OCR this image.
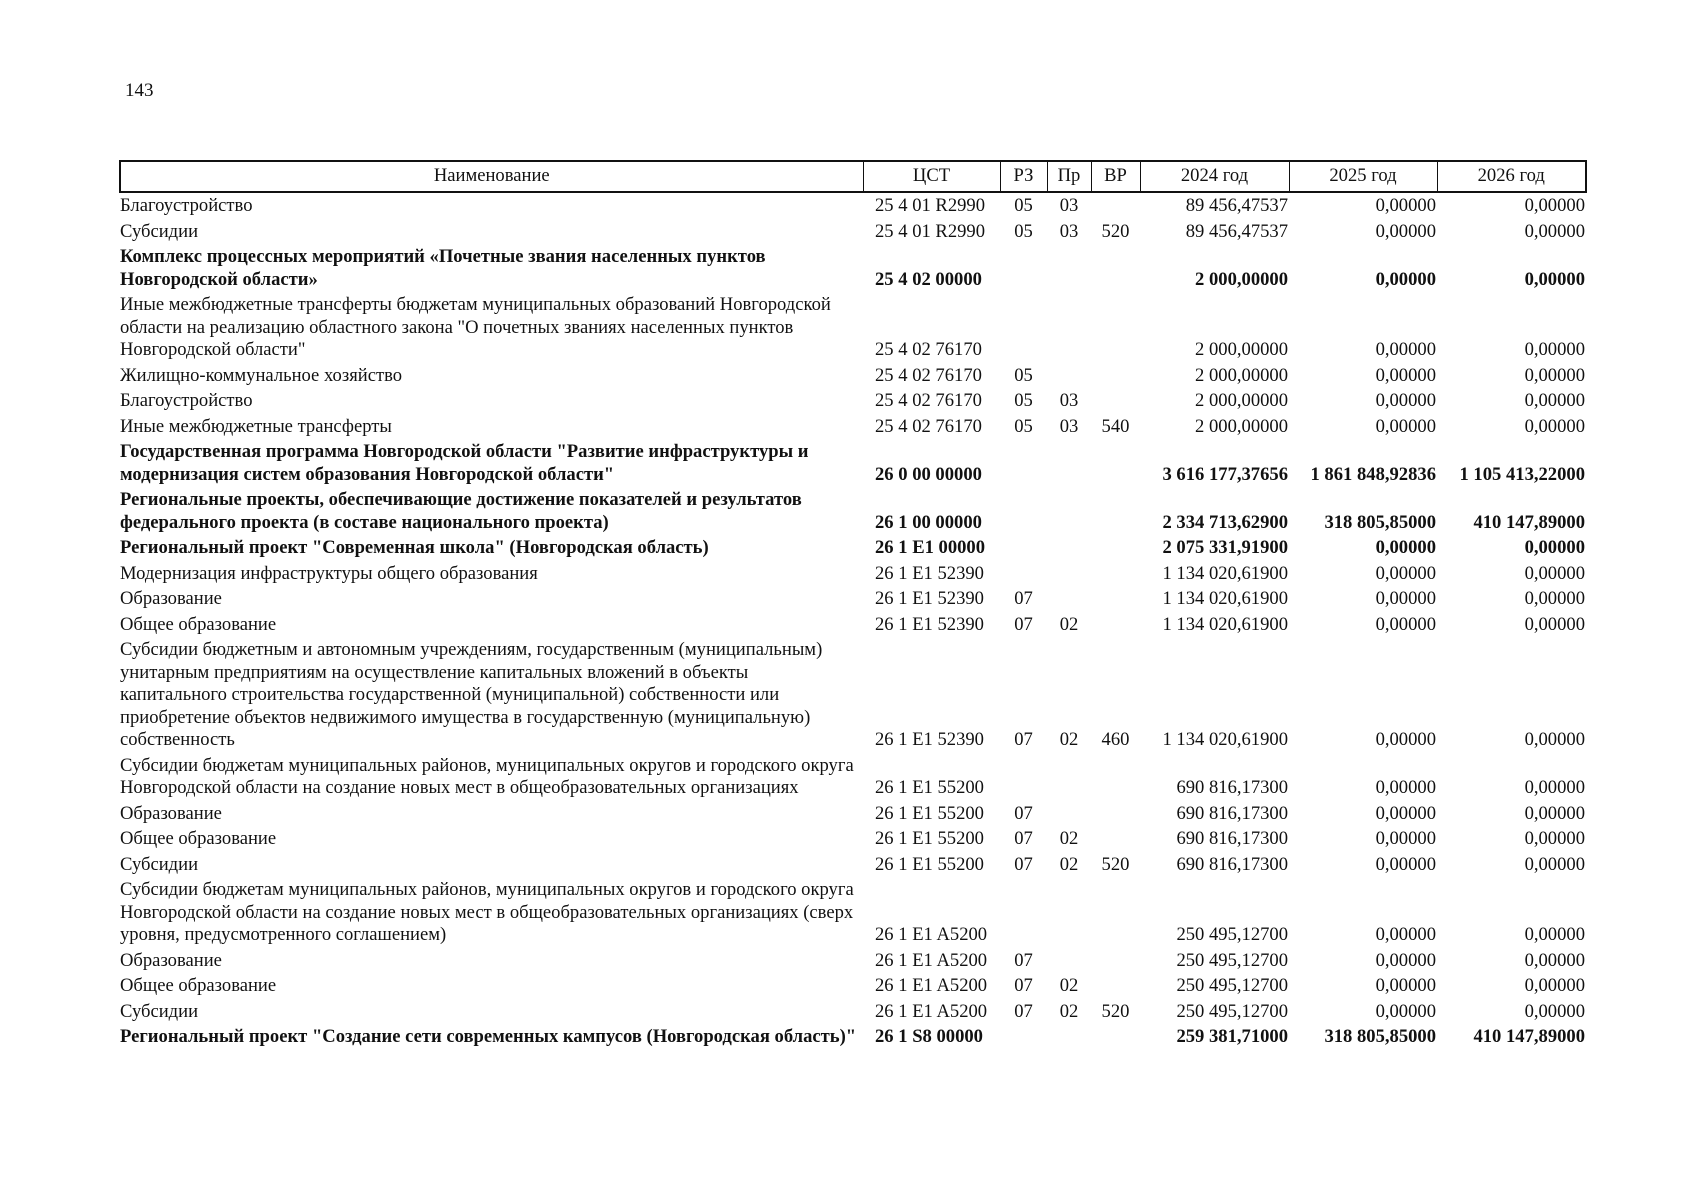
143
Наименование	ЦСТ	РЗ	Пр	ВР	2024 год	2025 год	2026 год
Благоустройство	25 4 01 R2990	05	03		89 456,47537	0,00000	0,00000
Субсидии	25 4 01 R2990	05	03	520	89 456,47537	0,00000	0,00000
Комплекс процессных мероприятий «Почетные звания населенных пунктов Новгородской области»	25 4 02 00000				2 000,00000	0,00000	0,00000
Иные межбюджетные трансферты бюджетам муниципальных образований Новгородской области на реализацию областного закона "О почетных званиях населенных пунктов Новгородской области"	25 4 02 76170				2 000,00000	0,00000	0,00000
Жилищно-коммунальное хозяйство	25 4 02 76170	05			2 000,00000	0,00000	0,00000
Благоустройство	25 4 02 76170	05	03		2 000,00000	0,00000	0,00000
Иные межбюджетные трансферты	25 4 02 76170	05	03	540	2 000,00000	0,00000	0,00000
Государственная программа Новгородской области "Развитие инфраструктуры и модернизация систем образования Новгородской области"	26 0 00 00000				3 616 177,37656	1 861 848,92836	1 105 413,22000
Региональные проекты, обеспечивающие достижение показателей и результатов федерального проекта (в составе национального проекта)	26 1 00 00000				2 334 713,62900	318 805,85000	410 147,89000
Региональный проект "Современная школа" (Новгородская область)	26 1 E1 00000				2 075 331,91900	0,00000	0,00000
Модернизация инфраструктуры общего образования	26 1 E1 52390				1 134 020,61900	0,00000	0,00000
Образование	26 1 E1 52390	07			1 134 020,61900	0,00000	0,00000
Общее образование	26 1 E1 52390	07	02		1 134 020,61900	0,00000	0,00000
Субсидии бюджетным и автономным учреждениям, государственным (муниципальным) унитарным предприятиям на осуществление капитальных вложений в объекты капитального строительства государственной (муниципальной) собственности или приобретение объектов недвижимого имущества в государственную (муниципальную) собственность	26 1 E1 52390	07	02	460	1 134 020,61900	0,00000	0,00000
Субсидии бюджетам муниципальных районов, муниципальных округов и городского округа Новгородской области на создание новых мест в общеобразовательных организациях	26 1 E1 55200				690 816,17300	0,00000	0,00000
Образование	26 1 E1 55200	07			690 816,17300	0,00000	0,00000
Общее образование	26 1 E1 55200	07	02		690 816,17300	0,00000	0,00000
Субсидии	26 1 E1 55200	07	02	520	690 816,17300	0,00000	0,00000
Субсидии бюджетам муниципальных районов, муниципальных округов и городского округа Новгородской области на создание новых мест в общеобразовательных организациях (сверх уровня, предусмотренного соглашением)	26 1 E1 A5200				250 495,12700	0,00000	0,00000
Образование	26 1 E1 A5200	07			250 495,12700	0,00000	0,00000
Общее образование	26 1 E1 A5200	07	02		250 495,12700	0,00000	0,00000
Субсидии	26 1 E1 A5200	07	02	520	250 495,12700	0,00000	0,00000
Региональный проект "Создание сети современных кампусов (Новгородская область)"	26 1 S8 00000				259 381,71000	318 805,85000	410 147,89000
